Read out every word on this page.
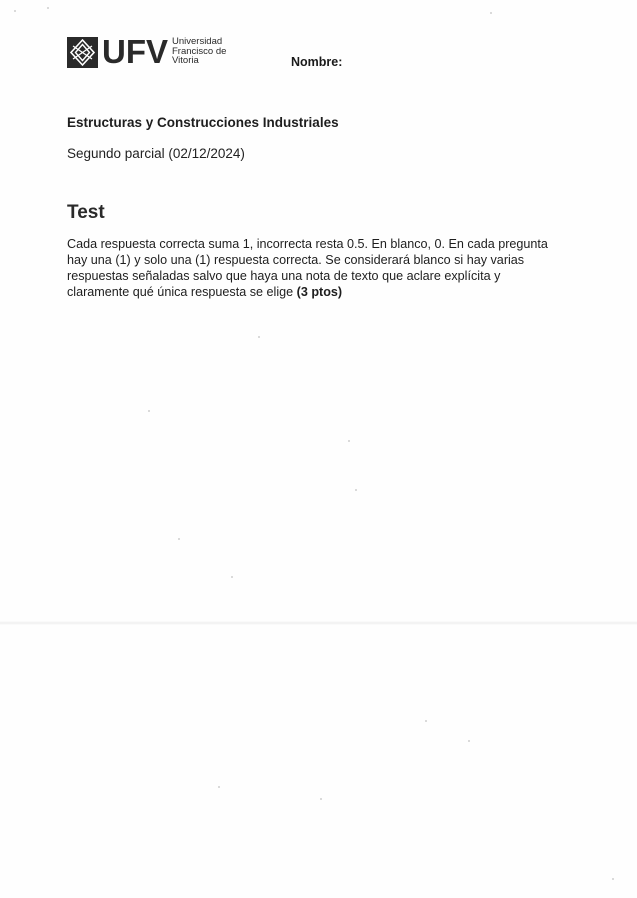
UFV Universidad
Francisco de
Vitoria	Nombre:
Estructuras y Construcciones Industriales
Segundo parcial (02/12/2024)
Test
Cada respuesta correcta suma 1, incorrecta resta 0.5. En blanco, 0. En cada pregunta hay una (1) y solo una (1) respuesta correcta. Se considerará blanco si hay varias respuestas señaladas salvo que haya una nota de texto que aclare explícita y claramente qué única respuesta se elige (3 ptos)
